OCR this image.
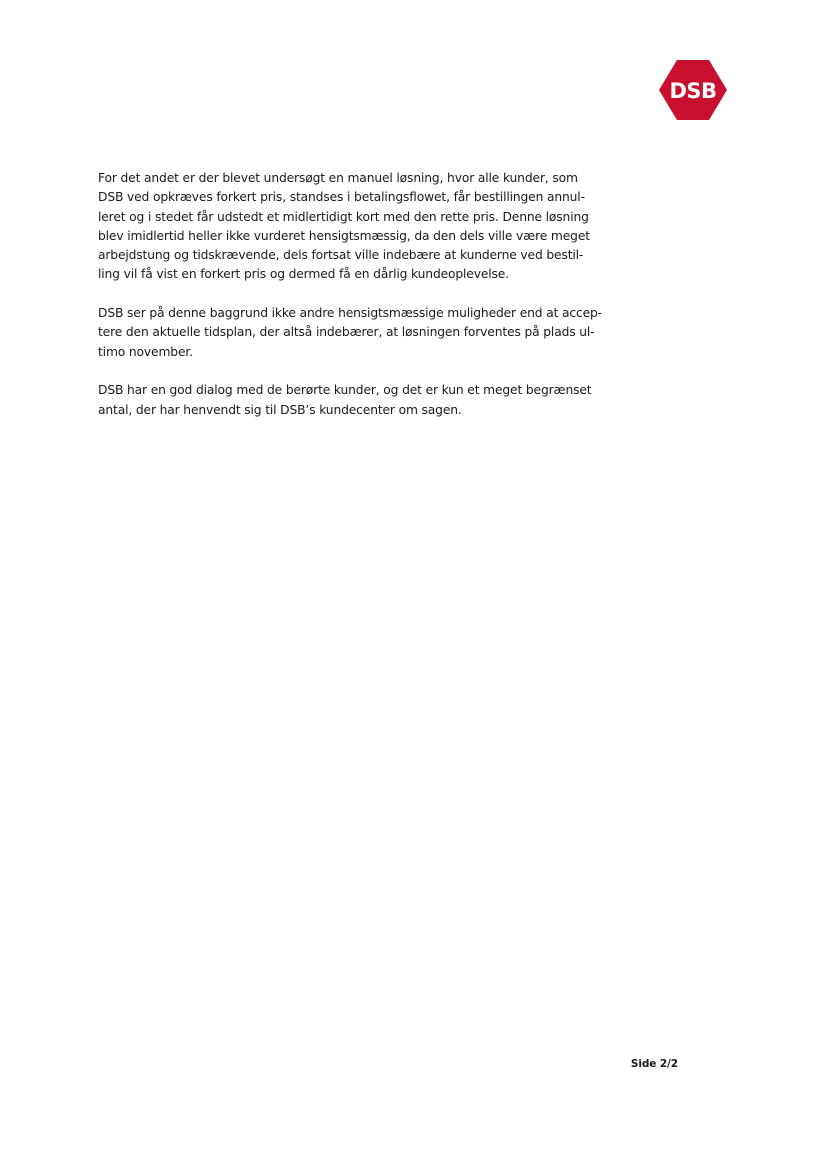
DSB
For det andet er der blevet undersøgt en manuel løsning, hvor alle kunder, som
DSB ved opkræves forkert pris, standses i betalingsflowet, får bestillingen annul-
leret og i stedet får udstedt et midlertidigt kort med den rette pris. Denne løsning
blev imidlertid heller ikke vurderet hensigtsmæssig, da den dels ville være meget
arbejdstung og tidskrævende, dels fortsat ville indebære at kunderne ved bestil-
ling vil få vist en forkert pris og dermed få en dårlig kundeoplevelse.
DSB ser på denne baggrund ikke andre hensigtsmæssige muligheder end at accep-
tere den aktuelle tidsplan, der altså indebærer, at løsningen forventes på plads ul-
timo november.
DSB har en god dialog med de berørte kunder, og det er kun et meget begrænset
antal, der har henvendt sig til DSB’s kundecenter om sagen.
Side 2/2
